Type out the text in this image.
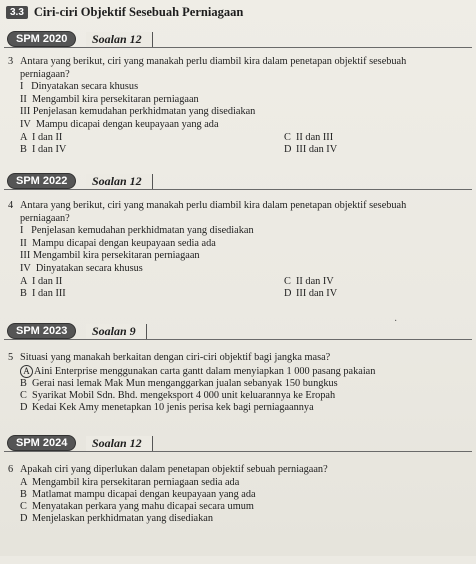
3.3 Ciri-ciri Objektif Sesebuah Perniagaan
SPM 2020	Soalan 12
3 Antara yang berikut, ciri yang manakah perlu diambil kira dalam penetapan objektif sesebuah
perniagaan?
I   Dinyatakan secara khusus
II  Mengambil kira persekitaran perniagaan
III Penjelasan kemudahan perkhidmatan yang disediakan
IV  Mampu dicapai dengan keupayaan yang ada
A I dan II	C II dan III
B I dan IV	D III dan IV
SPM 2022	Soalan 12
4 Antara yang berikut, ciri yang manakah perlu diambil kira dalam penetapan objektif sesebuah
perniagaan?
I   Penjelasan kemudahan perkhidmatan yang disediakan
II  Mampu dicapai dengan keupayaan sedia ada
III Mengambil kira persekitaran perniagaan
IV  Dinyatakan secara khusus
A I dan II	C II dan IV
B I dan III	D III dan IV
·
SPM 2023	Soalan 9
5 Situasi yang manakah berkaitan dengan ciri-ciri objektif bagi jangka masa?
A Aini Enterprise menggunakan carta gantt dalam menyiapkan 1 000 pasang pakaian
B Gerai nasi lemak Mak Mun menganggarkan jualan sebanyak 150 bungkus
C Syarikat Mobil Sdn. Bhd. mengeksport 4 000 unit keluarannya ke Eropah
D Kedai Kek Amy menetapkan 10 jenis perisa kek bagi perniagaannya
SPM 2024	Soalan 12
6 Apakah ciri yang diperlukan dalam penetapan objektif sebuah perniagaan?
A Mengambil kira persekitaran perniagaan sedia ada
B Matlamat mampu dicapai dengan keupayaan yang ada
C Menyatakan perkara yang mahu dicapai secara umum
D Menjelaskan perkhidmatan yang disediakan
